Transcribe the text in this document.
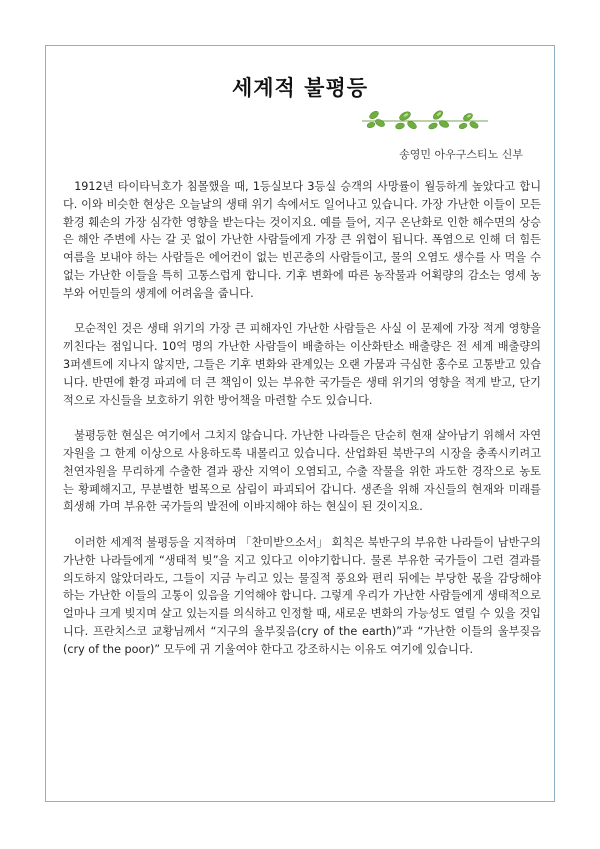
세계적 불평등
송영민 아우구스티노 신부

1912년 타이타닉호가 침몰했을 때, 1등실보다 3등실 승객의 사망률이 월등하게 높았다고 합니다. 이와 비슷한 현상은 오늘날의 생태 위기 속에서도 일어나고 있습니다. 가장 가난한 이들이 모든 환경 훼손의 가장 심각한 영향을 받는다는 것이지요. 예를 들어, 지구 온난화로 인한 해수면의 상승은 해안 주변에 사는 갈 곳 없이 가난한 사람들에게 가장 큰 위협이 됩니다. 폭염으로 인해 더 힘든 여름을 보내야 하는 사람들은 에어컨이 없는 빈곤층의 사람들이고, 물의 오염도 생수를 사 먹을 수 없는 가난한 이들을 특히 고통스럽게 합니다. 기후 변화에 따른 농작물과 어획량의 감소는 영세 농부와 어민들의 생계에 어려움을 줍니다.

모순적인 것은 생태 위기의 가장 큰 피해자인 가난한 사람들은 사실 이 문제에 가장 적게 영향을 끼친다는 점입니다. 10억 명의 가난한 사람들이 배출하는 이산화탄소 배출량은 전 세계 배출량의 3퍼센트에 지나지 않지만, 그들은 기후 변화와 관계있는 오랜 가뭄과 극심한 홍수로 고통받고 있습니다. 반면에 환경 파괴에 더 큰 책임이 있는 부유한 국가들은 생태 위기의 영향을 적게 받고, 단기적으로 자신들을 보호하기 위한 방어책을 마련할 수도 있습니다.

불평등한 현실은 여기에서 그치지 않습니다. 가난한 나라들은 단순히 현재 살아남기 위해서 자연 자원을 그 한계 이상으로 사용하도록 내몰리고 있습니다. 산업화된 북반구의 시장을 충족시키려고 천연자원을 무리하게 수출한 결과 광산 지역이 오염되고, 수출 작물을 위한 과도한 경작으로 농토는 황폐해지고, 무분별한 벌목으로 삼림이 파괴되어 갑니다. 생존을 위해 자신들의 현재와 미래를 희생해 가며 부유한 국가들의 발전에 이바지해야 하는 현실이 된 것이지요.

이러한 세계적 불평등을 지적하며 「찬미받으소서」 회칙은 북반구의 부유한 나라들이 남반구의 가난한 나라들에게 “생태적 빚”을 지고 있다고 이야기합니다. 물론 부유한 국가들이 그런 결과를 의도하지 않았더라도, 그들이 지금 누리고 있는 물질적 풍요와 편리 뒤에는 부당한 몫을 감당해야 하는 가난한 이들의 고통이 있음을 기억해야 합니다. 그렇게 우리가 가난한 사람들에게 생태적으로 얼마나 크게 빚지며 살고 있는지를 의식하고 인정할 때, 새로운 변화의 가능성도 열릴 수 있을 것입니다. 프란치스코 교황님께서 “지구의 울부짖음(cry of the earth)”과 “가난한 이들의 울부짖음(cry of the poor)” 모두에 귀 기울여야 한다고 강조하시는 이유도 여기에 있습니다.
